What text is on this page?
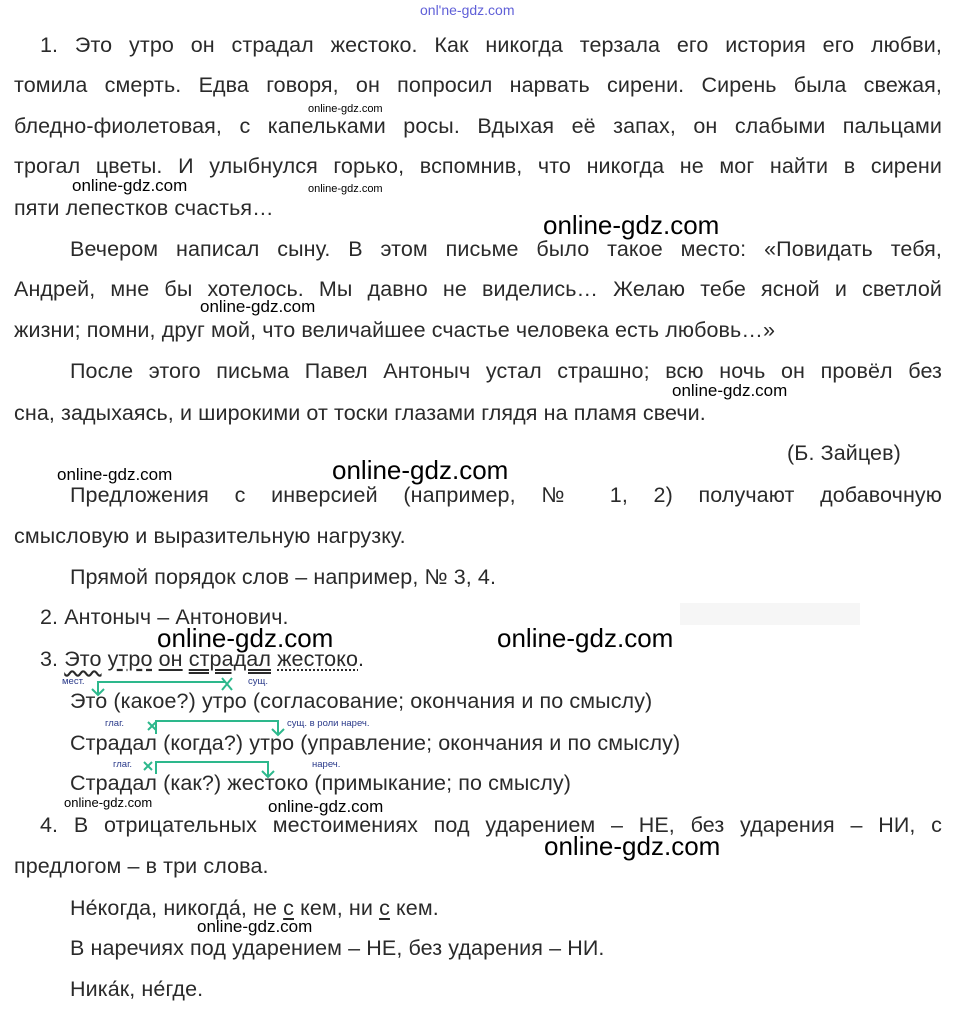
1. Это утро он страдал жестоко. Как никогда терзала его история его любви,
томила смерть. Едва говоря, он попросил нарвать сирени. Сирень была свежая,
бледно-фиолетовая, с капельками росы. Вдыхая её запах, он слабыми пальцами
трогал цветы. И улыбнулся горько, вспомнив, что никогда не мог найти в сирени
пяти лепестков счастья…
Вечером написал сыну. В этом письме было такое место: «Повидать тебя,
Андрей, мне бы хотелось. Мы давно не виделись… Желаю тебе ясной и светлой
жизни; помни, друг мой, что величайшее счастье человека есть любовь…»
После этого письма Павел Антоныч устал страшно; всю ночь он провёл без
сна, задыхаясь, и широкими от тоски глазами глядя на пламя свечи.
(Б. Зайцев)
Предложения с инверсией (например, № 1, 2) получают добавочную
смысловую и выразительную нагрузку.
Прямой порядок слов – например, № 3, 4.
2. Антоныч – Антонович.
3. Это утро он страдал жестоко.
мест.	сущ.
Это (какое?) утро (согласование; окончания и по смыслу)
глаг.	сущ. в роли нареч.
Страдал (когда?) утро (управление; окончания и по смыслу)
глаг.	нареч.
Страдал (как?) жестоко (примыкание; по смыслу)
4. В отрицательных местоимениях под ударением – НЕ, без ударения – НИ, с
предлогом – в три слова.
Не́когда, никогда́, не с кем, ни с кем.
В наречиях под ударением – НЕ, без ударения – НИ.
Ника́к, не́где.
onl'ne-gdz.com
online-gdz.com
online-gdz.com	online-gdz.com
online-gdz.com
online-gdz.com
online-gdz.com
online-gdz.com
online-gdz.com
online-gdz.com	online-gdz.com
online-gdz.com	online-gdz.com
online-gdz.com
online-gdz.com
